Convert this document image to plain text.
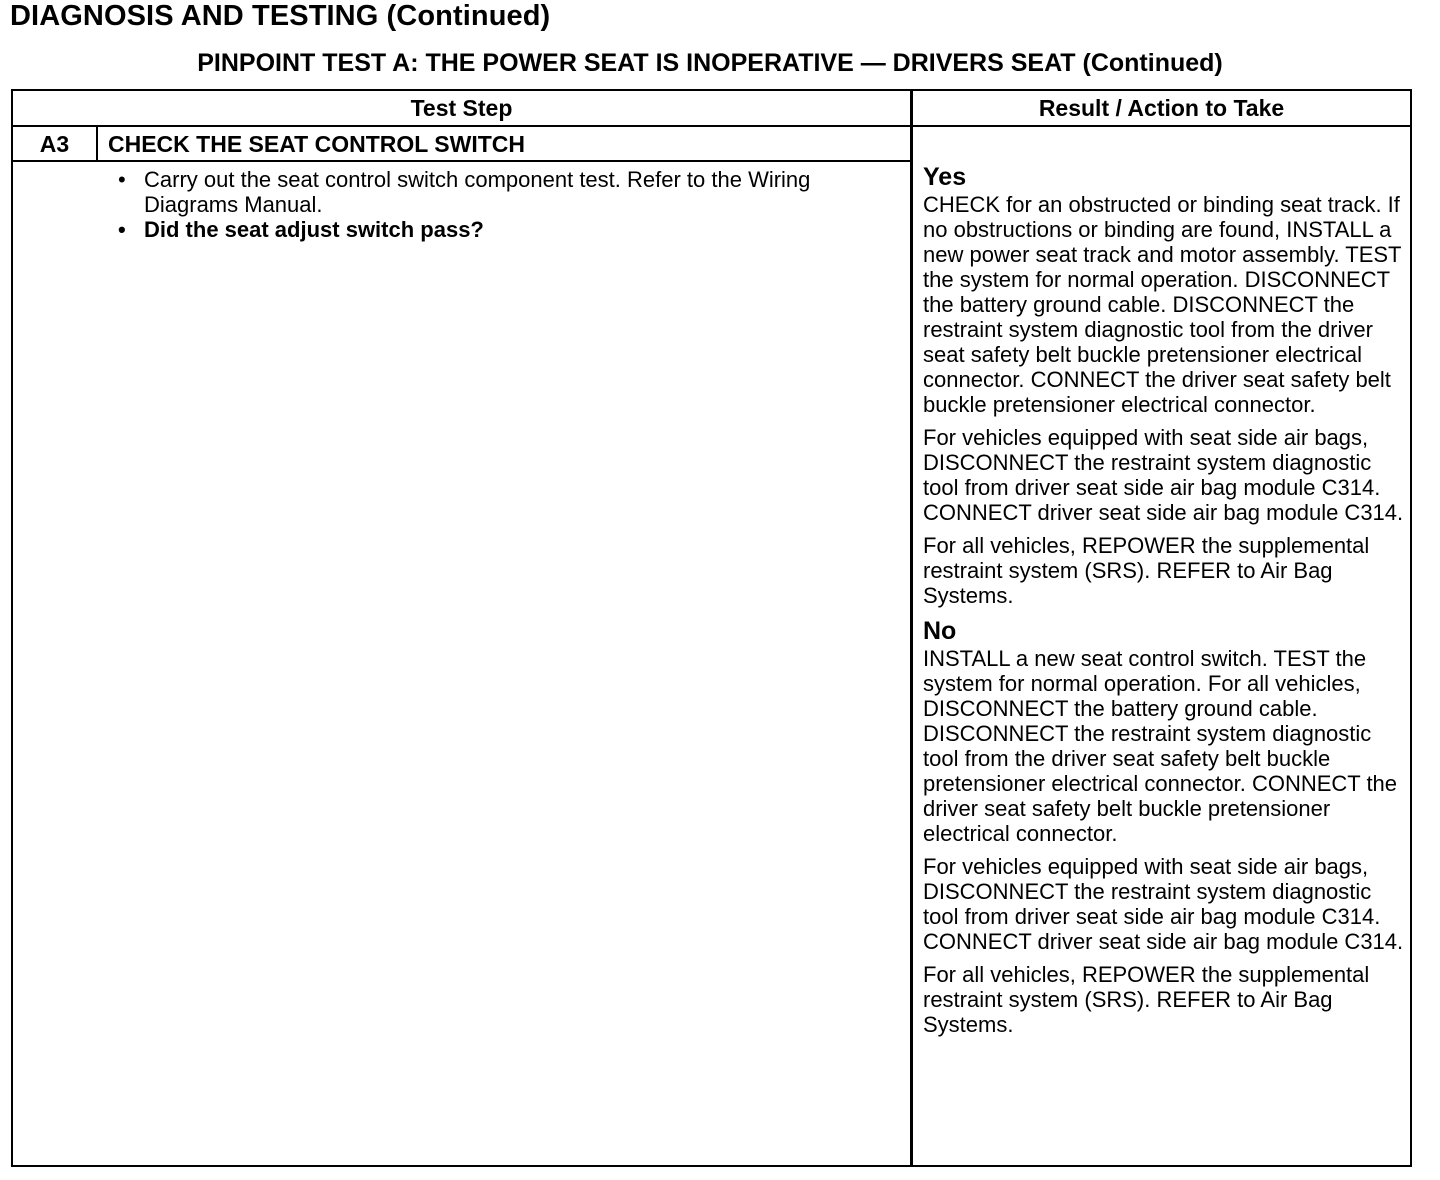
DIAGNOSIS AND TESTING (Continued)
PINPOINT TEST A: THE POWER SEAT IS INOPERATIVE — DRIVERS SEAT (Continued)
Test Step	Result / Action to Take
A3	CHECK THE SEAT CONTROL SWITCH
• Carry out the seat control switch component test. Refer to the Wiring Diagrams Manual.
• Did the seat adjust switch pass?
Yes

CHECK for an obstructed or binding seat track. If no obstructions or binding are found, INSTALL a new power seat track and motor assembly. TEST the system for normal operation. DISCONNECT the battery ground cable. DISCONNECT the restraint system diagnostic tool from the driver seat safety belt buckle pretensioner electrical connector. CONNECT the driver seat safety belt buckle pretensioner electrical connector.

For vehicles equipped with seat side air bags, DISCONNECT the restraint system diagnostic tool from driver seat side air bag module C314. CONNECT driver seat side air bag module C314.

For all vehicles, REPOWER the supplemental restraint system (SRS). REFER to Air Bag Systems.

No

INSTALL a new seat control switch. TEST the system for normal operation. For all vehicles, DISCONNECT the battery ground cable. DISCONNECT the restraint system diagnostic tool from the driver seat safety belt buckle pretensioner electrical connector. CONNECT the driver seat safety belt buckle pretensioner electrical connector.

For vehicles equipped with seat side air bags, DISCONNECT the restraint system diagnostic tool from driver seat side air bag module C314. CONNECT driver seat side air bag module C314.

For all vehicles, REPOWER the supplemental restraint system (SRS). REFER to Air Bag Systems.
